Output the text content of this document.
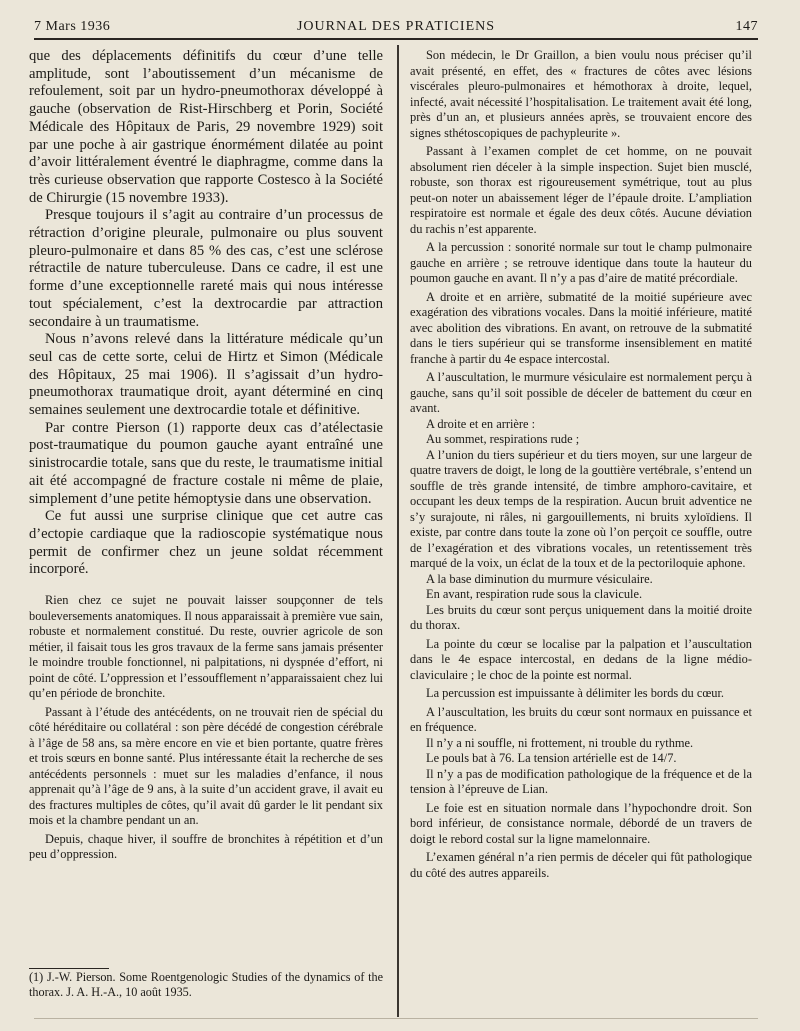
7 Mars 1936	JOURNAL DES PRATICIENS	147

que des déplacements définitifs du cœur d’une telle amplitude, sont l’aboutissement d’un mécanisme de refoulement, soit par un hydro-pneumothorax développé à gauche (observation de Rist-Hirschberg et Porin, Société Médicale des Hôpitaux de Paris, 29 novembre 1929) soit par une poche à air gastrique énormément dilatée au point d’avoir littéralement éventré le diaphragme, comme dans la très curieuse observation que rapporte Costesco à la Société de Chirurgie (15 novembre 1933).

Presque toujours il s’agit au contraire d’un processus de rétraction d’origine pleurale, pulmonaire ou plus souvent pleuro-pulmonaire et dans 85 % des cas, c’est une sclérose rétractile de nature tuberculeuse. Dans ce cadre, il est une forme d’une exceptionnelle rareté mais qui nous intéresse tout spécialement, c’est la dextrocardie par attraction secondaire à un traumatisme.

Nous n’avons relevé dans la littérature médicale qu’un seul cas de cette sorte, celui de Hirtz et Simon (Médicale des Hôpitaux, 25 mai 1906). Il s’agissait d’un hydro-pneumothorax traumatique droit, ayant déterminé en cinq semaines seulement une dextrocardie totale et définitive.

Par contre Pierson (1) rapporte deux cas d’atélectasie post-traumatique du poumon gauche ayant entraîné une sinistrocardie totale, sans que du reste, le traumatisme initial ait été accompagné de fracture costale ni même de plaie, simplement d’une petite hémoptysie dans une observation.

Ce fut aussi une surprise clinique que cet autre cas d’ectopie cardiaque que la radioscopie systématique nous permit de confirmer chez un jeune soldat récemment incorporé.

Rien chez ce sujet ne pouvait laisser soupçonner de tels bouleversements anatomiques. Il nous apparaissait à première vue sain, robuste et normalement constitué. Du reste, ouvrier agricole de son métier, il faisait tous les gros travaux de la ferme sans jamais présenter le moindre trouble fonctionnel, ni palpitations, ni dyspnée d’effort, ni point de côté. L’oppression et l’essoufflement n’apparaissaient chez lui qu’en période de bronchite.

Passant à l’étude des antécédents, on ne trouvait rien de spécial du côté héréditaire ou collatéral : son père décédé de congestion cérébrale à l’âge de 58 ans, sa mère encore en vie et bien portante, quatre frères et trois sœurs en bonne santé. Plus intéressante était la recherche de ses antécédents personnels : muet sur les maladies d’enfance, il nous apprenait qu’à l’âge de 9 ans, à la suite d’un accident grave, il avait eu des fractures multiples de côtes, qu’il avait dû garder le lit pendant six mois et la chambre pendant un an.

Depuis, chaque hiver, il souffre de bronchites à répétition et d’un peu d’oppression.

(1) J.-W. Pierson. Some Roentgenologic Studies of the dynamics of the thorax. J. A. H.-A., 10 août 1935.

Son médecin, le Dr Graillon, a bien voulu nous préciser qu’il avait présenté, en effet, des « fractures de côtes avec lésions viscérales pleuro-pulmonaires et hémothorax à droite, lequel, infecté, avait nécessité l’hospitalisation. Le traitement avait été long, près d’un an, et plusieurs années après, se trouvaient encore des signes sthétoscopiques de pachypleurite ».

Passant à l’examen complet de cet homme, on ne pouvait absolument rien déceler à la simple inspection. Sujet bien musclé, robuste, son thorax est rigoureusement symétrique, tout au plus peut-on noter un abaissement léger de l’épaule droite. L’ampliation respiratoire est normale et égale des deux côtés. Aucune déviation du rachis n’est apparente.

A la percussion : sonorité normale sur tout le champ pulmonaire gauche en arrière ; se retrouve identique dans toute la hauteur du poumon gauche en avant. Il n’y a pas d’aire de matité précordiale.

A droite et en arrière, submatité de la moitié supérieure avec exagération des vibrations vocales. Dans la moitié inférieure, matité avec abolition des vibrations. En avant, on retrouve de la submatité dans le tiers supérieur qui se transforme insensiblement en matité franche à partir du 4e espace intercostal.

A l’auscultation, le murmure vésiculaire est normalement perçu à gauche, sans qu’il soit possible de déceler de battement du cœur en avant.

A droite et en arrière :

Au sommet, respirations rude ;

A l’union du tiers supérieur et du tiers moyen, sur une largeur de quatre travers de doigt, le long de la gouttière vertébrale, s’entend un souffle de très grande intensité, de timbre amphoro-cavitaire, et occupant les deux temps de la respiration. Aucun bruit adventice ne s’y surajoute, ni râles, ni gargouillements, ni bruits xyloïdiens. Il existe, par contre dans toute la zone où l’on perçoit ce souffle, outre de l’exagération et des vibrations vocales, un retentissement très marqué de la voix, un éclat de la toux et de la pectoriloquie aphone.

A la base diminution du murmure vésiculaire.

En avant, respiration rude sous la clavicule.

Les bruits du cœur sont perçus uniquement dans la moitié droite du thorax.

La pointe du cœur se localise par la palpation et l’auscultation dans le 4e espace intercostal, en dedans de la ligne médio-claviculaire ; le choc de la pointe est normal.

La percussion est impuissante à délimiter les bords du cœur.

A l’auscultation, les bruits du cœur sont normaux en puissance et en fréquence.

Il n’y a ni souffle, ni frottement, ni trouble du rythme.

Le pouls bat à 76. La tension artérielle est de 14/7.

Il n’y a pas de modification pathologique de la fréquence et de la tension à l’épreuve de Lian.

Le foie est en situation normale dans l’hypochondre droit. Son bord inférieur, de consistance normale, débordé de un travers de doigt le rebord costal sur la ligne mamelonnaire.

L’examen général n’a rien permis de déceler qui fût pathologique du côté des autres appareils.
